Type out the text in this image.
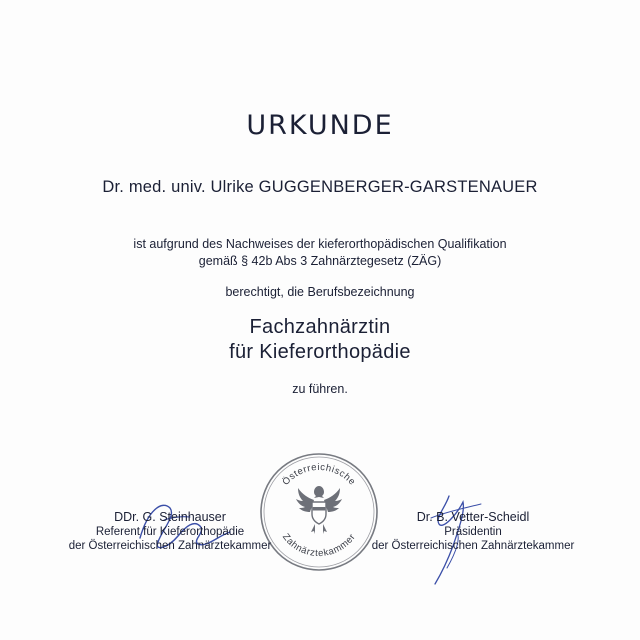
URKUNDE
Dr. med. univ. Ulrike GUGGENBERGER-GARSTENAUER
ist aufgrund des Nachweises der kieferorthopädischen Qualifikation
gemäß § 42b Abs 3 Zahnärztegesetz (ZÄG)
berechtigt, die Berufsbezeichnung
Fachzahnärztin
für Kieferorthopädie
zu führen.
Österreichische
Zahnärztekammer
DDr. G. Steinhauser
Referent für Kieferorthopädie
der Österreichischen Zahnärztekammer
Dr. B. Vetter-Scheidl
Präsidentin
der Österreichischen Zahnärztekammer
